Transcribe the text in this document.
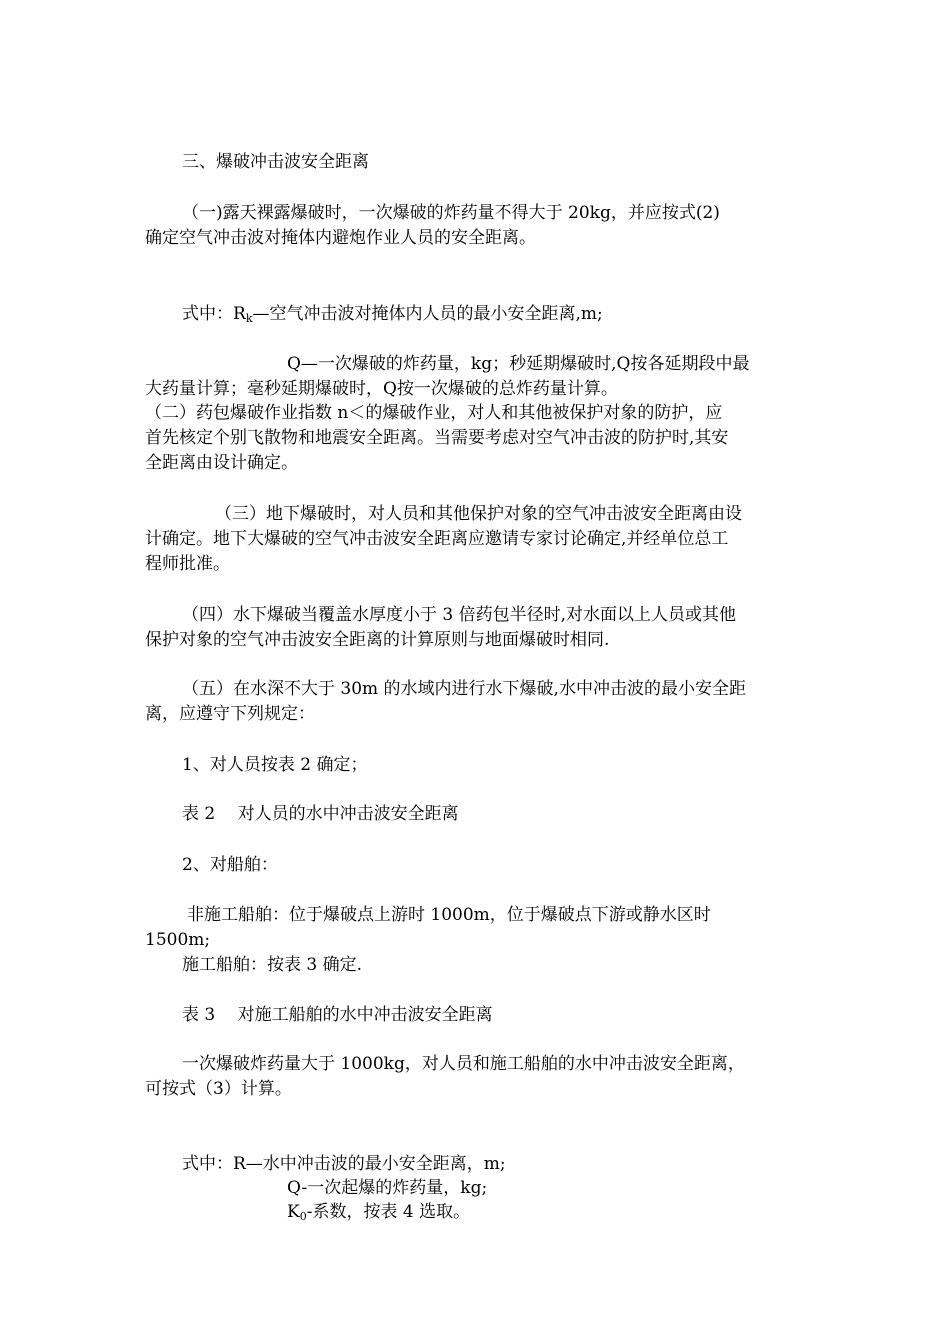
三、爆破冲击波安全距离
（一)露天裸露爆破时，一次爆破的炸药量不得大于 20kg，并应按式(2)
确定空气冲击波对掩体内避炮作业人员的安全距离。
式中：Rk—空气冲击波对掩体内人员的最小安全距离,m;
Q—一次爆破的炸药量，kg；秒延期爆破时,Q按各延期段中最
大药量计算；毫秒延期爆破时，Q按一次爆破的总炸药量计算。
（二）药包爆破作业指数 n＜的爆破作业，对人和其他被保护对象的防护，应
首先核定个别飞散物和地震安全距离。当需要考虑对空气冲击波的防护时,其安
全距离由设计确定。
（三）地下爆破时，对人员和其他保护对象的空气冲击波安全距离由设
计确定。地下大爆破的空气冲击波安全距离应邀请专家讨论确定,并经单位总工
程师批准。
（四）水下爆破当覆盖水厚度小于 3 倍药包半径时,对水面以上人员或其他
保护对象的空气冲击波安全距离的计算原则与地面爆破时相同.
（五）在水深不大于 30m 的水域内进行水下爆破,水中冲击波的最小安全距
离，应遵守下列规定：
1、对人员按表 2 确定；
表 2　 对人员的水中冲击波安全距离
2、对船舶：
非施工船舶：位于爆破点上游时 1000m，位于爆破点下游或静水区时
1500m;
施工船舶：按表 3 确定.
表 3　 对施工船舶的水中冲击波安全距离
一次爆破炸药量大于 1000kg，对人员和施工船舶的水中冲击波安全距离，
可按式（3）计算。
式中：R—水中冲击波的最小安全距离，m;
Q-一次起爆的炸药量，kg;
K0-系数，按表 4 选取。
